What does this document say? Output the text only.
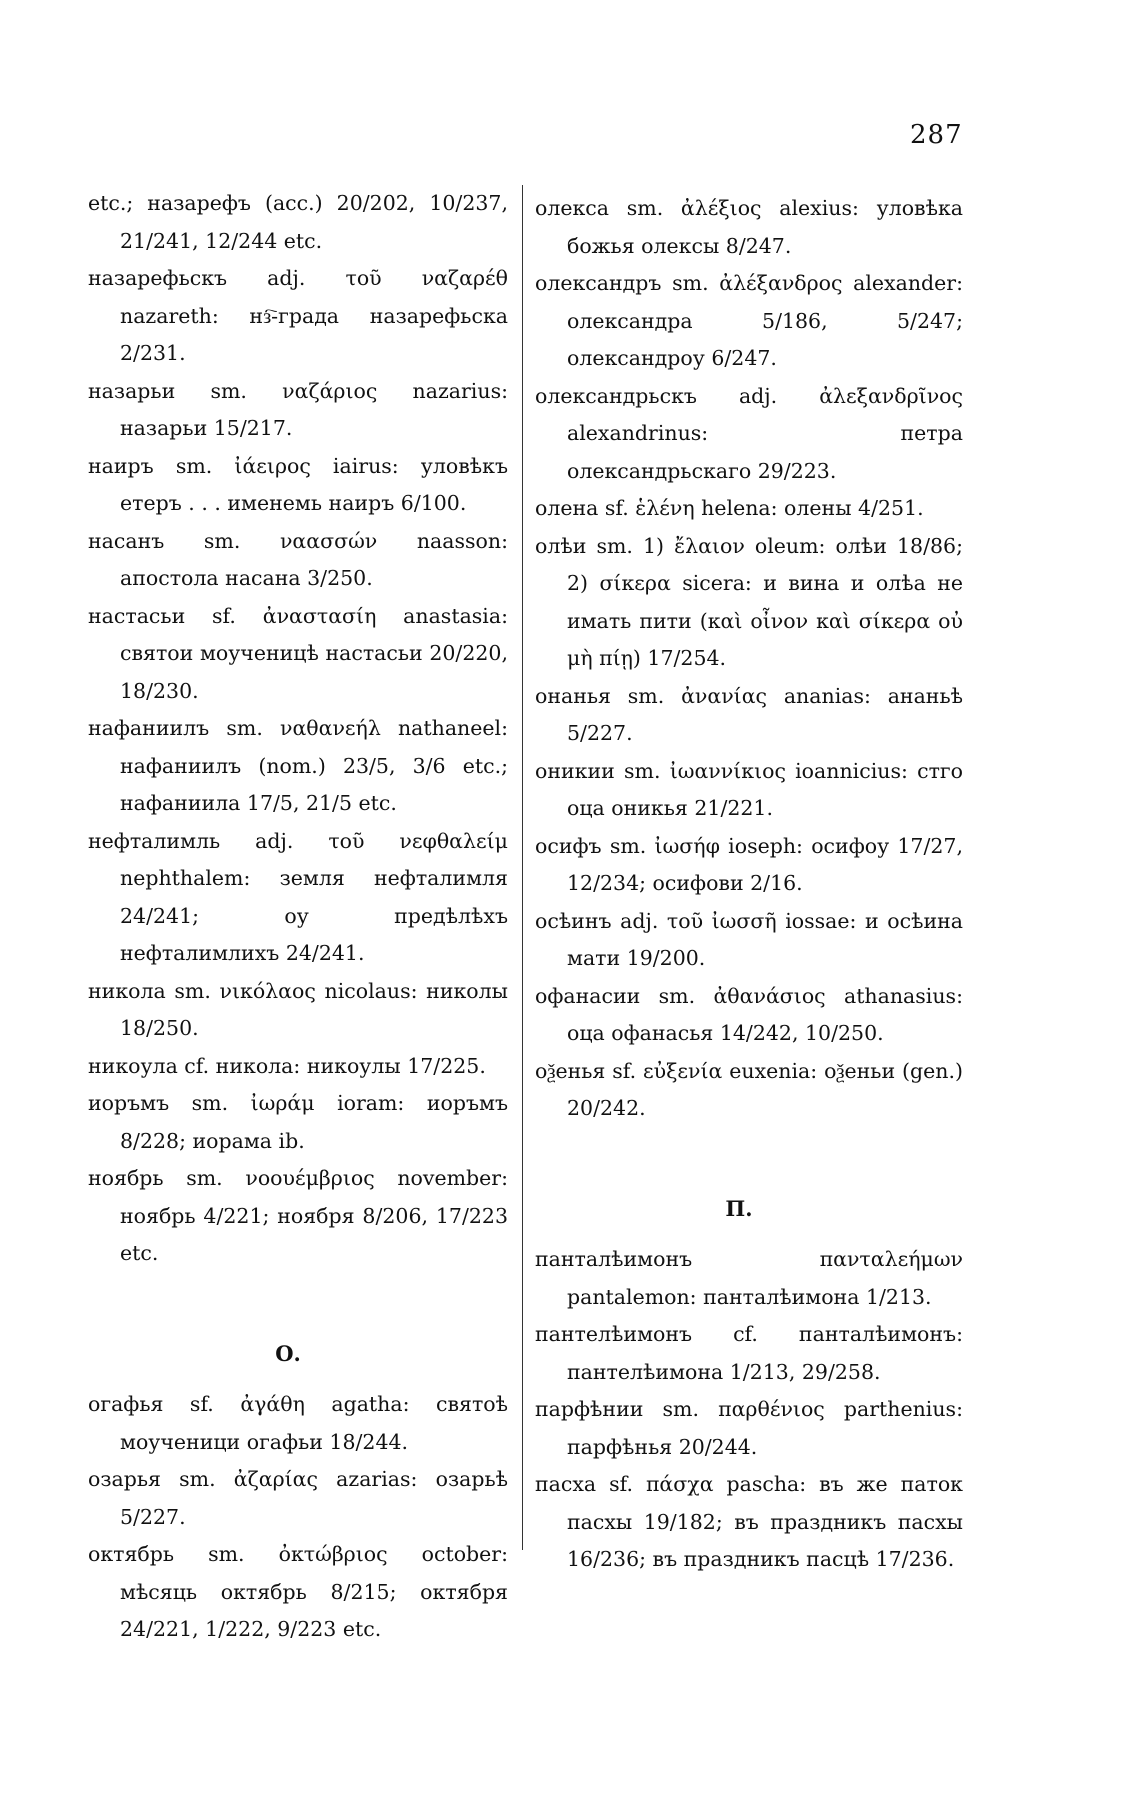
287

etc.; назарефъ (acc.) 20/202, 10/237, 21/241, 12/244 etc.

назарефьскъ adj. τοῦ ναζαρέθ nazareth: нз҇-града назарефьска 2/231.

назарьи sm. ναζάριος nazarius: назарьи 15/217.

наиръ sm. ἰάειρος iairus: уловѣкъ етеръ . . . именемь наиръ 6/100.

насанъ sm. ναασσών naasson: апостола насана 3/250.

настасьи sf. ἀναστασίη anastasia: святои моученицѣ настасьи 20/220, 18/230.

нафаниилъ sm. ναθανεήλ nathaneel: нафаниилъ (nom.) 23/5, 3/6 etc.; нафаниила 17/5, 21/5 etc.

нефталимль adj. τοῦ νεφθαλείμ nephthalem: земля нефталимля 24/241; оу предѣлѣхъ нефталимлихъ 24/241.

никола sm. νικόλαος nicolaus: николы 18/250.

никоула cf. никола: никоулы 17/225.

иоръмъ sm. ἰωράμ ioram: иоръмъ 8/228; иорама ib.

ноябрь sm. νοουέμβριος november: ноябрь 4/221; ноября 8/206, 17/223 etc.

О.

огафья sf. ἀγάθη agatha: святоѣ моученици огафьи 18/244.

озарья sm. ἀζαρίας azarias: озарьѣ 5/227.

октябрь sm. ὀκτώβριος october: мѣсяць октябрь 8/215; октября 24/221, 1/222, 9/223 etc.

олекса sm. ἀλέξιος alexius: уловѣка божья олексы 8/247.

олександръ sm. ἀλέξανδρος alexander: олександра 5/186, 5/247; олександроу 6/247.

олександрьскъ adj. ἀλεξανδρῖνος alexandrinus: петра олександрьскаго 29/223.

олена sf. ἑλένη helena: олены 4/251.

олѣи sm. 1) ἔλαιον oleum: олѣи 18/86; 2) σίκερα sicera: и вина и олѣа не имать пити (καὶ οἶνον καὶ σίκερα οὐ μὴ πίῃ) 17/254.

онанья sm. ἀνανίας ananias: ананьѣ 5/227.

оникии sm. ἰωαννίκιος ioannicius: стго оца оникья 21/221.

осифъ sm. ἰωσήφ ioseph: осифоу 17/27, 12/234; осифови 2/16.

осѣинъ adj. τοῦ ἰωσσῆ iossae: и осѣина мати 19/200.

офанасии sm. ἀθανάσιος athanasius: оца офанасья 14/242, 10/250.

оѯенья sf. εὐξενία euxenia: оѯеньи (gen.) 20/242.

П.

панталѣимонъ πανταλεήμων pantalemon: панталѣимона 1/213.

пантелѣимонъ cf. панталѣимонъ: пантелѣимона 1/213, 29/258.

парфѣнии sm. παρθένιος parthenius: парфѣнья 20/244.

пасха sf. πάσχα pascha: въ же паток пасхы 19/182; въ праздникъ пасхы 16/236; въ праздникъ пасцѣ 17/236.
